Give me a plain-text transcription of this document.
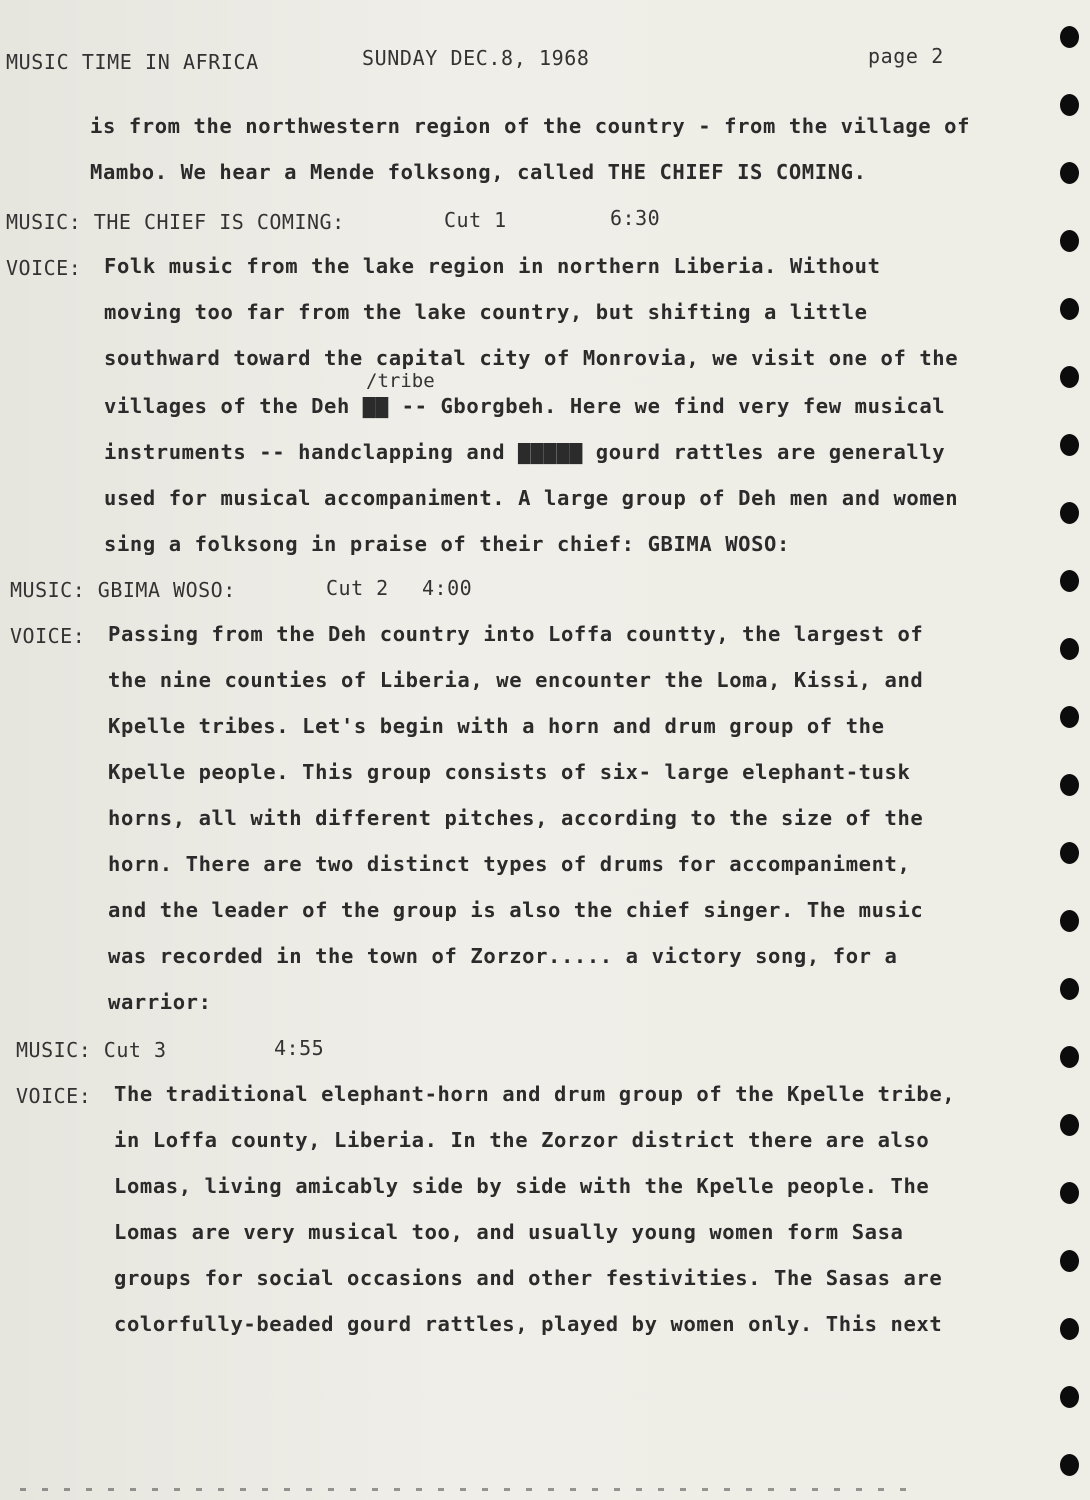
MUSIC TIME IN AFRICA	SUNDAY DEC.8, 1968	page 2
is from the northwestern region of the country - from the village of
Mambo. We hear a Mende folksong, called THE CHIEF IS COMING.
MUSIC: THE CHIEF IS COMING:	Cut 1	6:30
VOICE: Folk music from the lake region in northern Liberia. Without
moving too far from the lake country, but shifting a little
southward toward the capital city of Monrovia, we visit one of the
/tribe
villages of the Deh ▇▇ -- Gborgbeh. Here we find very few musical
instruments -- handclapping and ▇▇▇▇▇ gourd rattles are generally
used for musical accompaniment. A large group of Deh men and women
sing a folksong in praise of their chief: GBIMA WOSO:
MUSIC: GBIMA WOSO:	Cut 2 4:00
VOICE: Passing from the Deh country into Loffa countty, the largest of
the nine counties of Liberia, we encounter the Loma, Kissi, and
Kpelle tribes. Let's begin with a horn and drum group of the
Kpelle people. This group consists of six- large elephant-tusk
horns, all with different pitches, according to the size of the
horn. There are two distinct types of drums for accompaniment,
and the leader of the group is also the chief singer. The music
was recorded in the town of Zorzor..... a victory song, for a
warrior:
MUSIC: Cut 3	4:55
VOICE: The traditional elephant-horn and drum group of the Kpelle tribe,
in Loffa county, Liberia. In the Zorzor district there are also
Lomas, living amicably side by side with the Kpelle people. The
Lomas are very musical too, and usually young women form Sasa
groups for social occasions and other festivities. The Sasas are
colorfully-beaded gourd rattles, played by women only. This next
